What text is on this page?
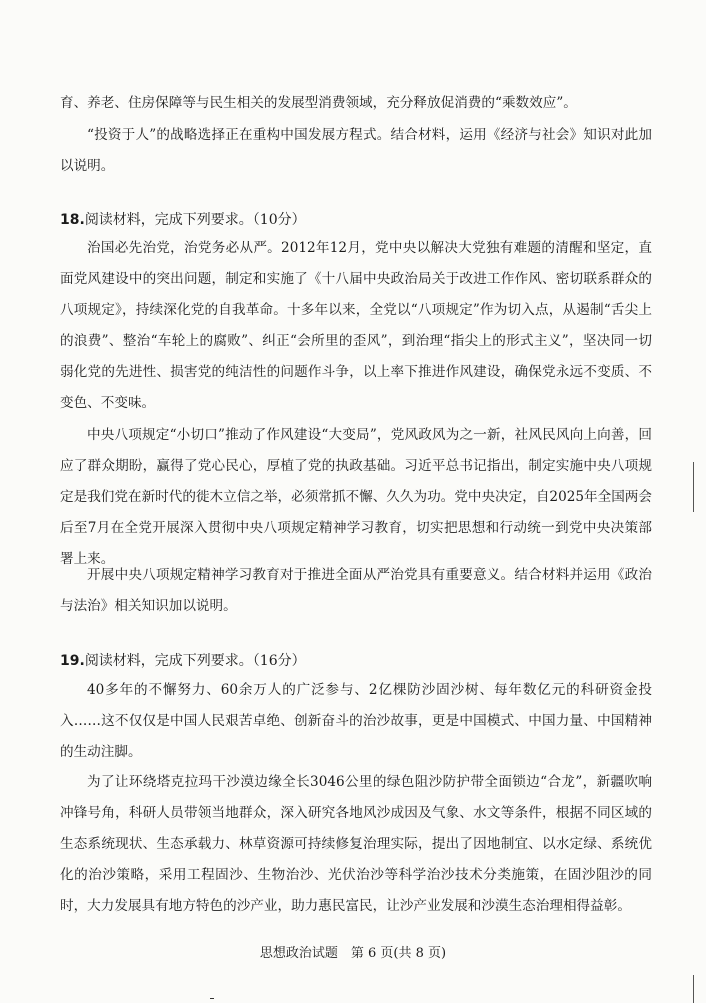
育、养老、住房保障等与民生相关的发展型消费领域，充分释放促消费的“乘数效应”。

“投资于人”的战略选择正在重构中国发展方程式。结合材料，运用《经济与社会》知识对此加以说明。

18.阅读材料，完成下列要求。（10分）

治国必先治党，治党务必从严。2012年12月，党中央以解决大党独有难题的清醒和坚定，直面党风建设中的突出问题，制定和实施了《十八届中央政治局关于改进工作作风、密切联系群众的八项规定》，持续深化党的自我革命。十多年以来，全党以“八项规定”作为切入点，从遏制“舌尖上的浪费”、整治“车轮上的腐败”、纠正“会所里的歪风”，到治理“指尖上的形式主义”，坚决同一切弱化党的先进性、损害党的纯洁性的问题作斗争，以上率下推进作风建设，确保党永远不变质、不变色、不变味。

中央八项规定“小切口”推动了作风建设“大变局”，党风政风为之一新，社风民风向上向善，回应了群众期盼，赢得了党心民心，厚植了党的执政基础。习近平总书记指出，制定实施中央八项规定是我们党在新时代的徙木立信之举，必须常抓不懈、久久为功。党中央决定，自2025年全国两会后至7月在全党开展深入贯彻中央八项规定精神学习教育，切实把思想和行动统一到党中央决策部署上来。

开展中央八项规定精神学习教育对于推进全面从严治党具有重要意义。结合材料并运用《政治与法治》相关知识加以说明。

19.阅读材料，完成下列要求。（16分）

40多年的不懈努力、60余万人的广泛参与、2亿棵防沙固沙树、每年数亿元的科研资金投入……这不仅仅是中国人民艰苦卓绝、创新奋斗的治沙故事，更是中国模式、中国力量、中国精神的生动注脚。

为了让环绕塔克拉玛干沙漠边缘全长3046公里的绿色阻沙防护带全面锁边“合龙”，新疆吹响冲锋号角，科研人员带领当地群众，深入研究各地风沙成因及气象、水文等条件，根据不同区域的生态系统现状、生态承载力、林草资源可持续修复治理实际，提出了因地制宜、以水定绿、系统优化的治沙策略，采用工程固沙、生物治沙、光伏治沙等科学治沙技术分类施策，在固沙阻沙的同时，大力发展具有地方特色的沙产业，助力惠民富民，让沙产业发展和沙漠生态治理相得益彰。

思想政治试题　第 6 页(共 8 页)
